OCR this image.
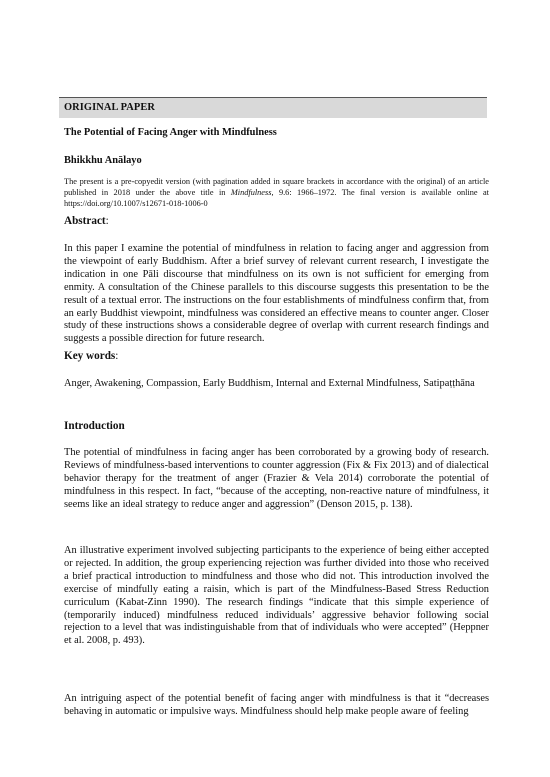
ORIGINAL PAPER
The Potential of Facing Anger with Mindfulness
Bhikkhu Anālayo
The present is a pre-copyedit version (with pagination added in square brackets in accordance with the original) of an article published in 2018 under the above title in Mindfulness, 9.6: 1966–1972. The final version is available online at https://doi.org/10.1007/s12671-018-1006-0
Abstract:
In this paper I examine the potential of mindfulness in relation to facing anger and aggression from the viewpoint of early Buddhism. After a brief survey of relevant current research, I investigate the indication in one Pāli discourse that mindfulness on its own is not sufficient for emerging from enmity. A consultation of the Chinese parallels to this discourse suggests this presentation to be the result of a textual error. The instructions on the four establishments of mindfulness confirm that, from an early Buddhist viewpoint, mindfulness was considered an effective means to counter anger. Closer study of these instructions shows a considerable degree of overlap with current research findings and suggests a possible direction for future research.
Key words:
Anger, Awakening, Compassion, Early Buddhism, Internal and External Mindfulness, Satipaṭṭhāna
Introduction
The potential of mindfulness in facing anger has been corroborated by a growing body of research. Reviews of mindfulness-based interventions to counter aggression (Fix & Fix 2013) and of dialectical behavior therapy for the treatment of anger (Frazier & Vela 2014) corroborate the potential of mindfulness in this respect. In fact, “because of the accepting, non-reactive nature of mindfulness, it seems like an ideal strategy to reduce anger and aggression” (Denson 2015, p. 138).
An illustrative experiment involved subjecting participants to the experience of being either accepted or rejected. In addition, the group experiencing rejection was further divided into those who received a brief practical introduction to mindfulness and those who did not. This introduction involved the exercise of mindfully eating a raisin, which is part of the Mindfulness-Based Stress Reduction curriculum (Kabat-Zinn 1990). The research findings “indicate that this simple experience of (temporarily induced) mindfulness reduced individuals’ aggressive behavior following social rejection to a level that was indistinguishable from that of individuals who were accepted” (Heppner et al. 2008, p. 493).
An intriguing aspect of the potential benefit of facing anger with mindfulness is that it “decreases behaving in automatic or impulsive ways. Mindfulness should help make people aware of feeling
